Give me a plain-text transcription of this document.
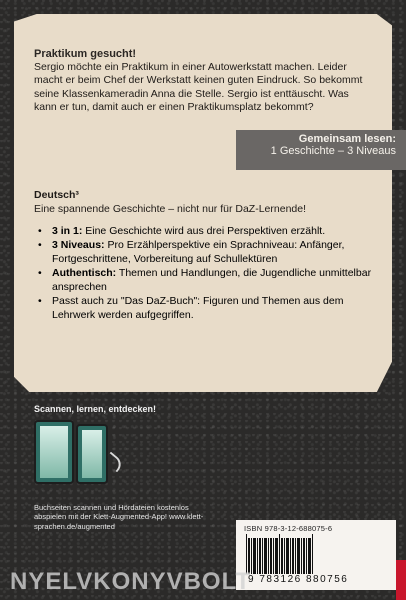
Praktikum gesucht!
Sergio möchte ein Praktikum in einer Autowerkstatt machen. Leider macht er beim Chef der Werkstatt keinen guten Eindruck. So bekommt seine Klassenkameradin Anna die Stelle. Sergio ist enttäuscht. Was kann er tun, damit auch er einen Praktikumsplatz bekommt?
Gemeinsam lesen:
1 Geschichte – 3 Niveaus
Deutsch³
Eine spannende Geschichte – nicht nur für DaZ-Lernende!
• 3 in 1: Eine Geschichte wird aus drei Perspektiven erzählt.
• 3 Niveaus: Pro Erzählperspektive ein Sprachniveau: Anfänger, Fortgeschrittene, Vorbereitung auf Schullektüren
• Authentisch: Themen und Handlungen, die Jugendliche unmittelbar ansprechen
• Passt auch zu "Das DaZ-Buch": Figuren und Themen aus dem Lehrwerk werden aufgegriffen.
Scannen, lernen, entdecken!
Buchseiten scannen und Hördateien kostenlos abspielen mit der Klett-Augmented-App! www.klett-sprachen.de/augmented	ISBN 978-3-12-688075-6
9 783126 880756
NYELVKONYVBOLT
